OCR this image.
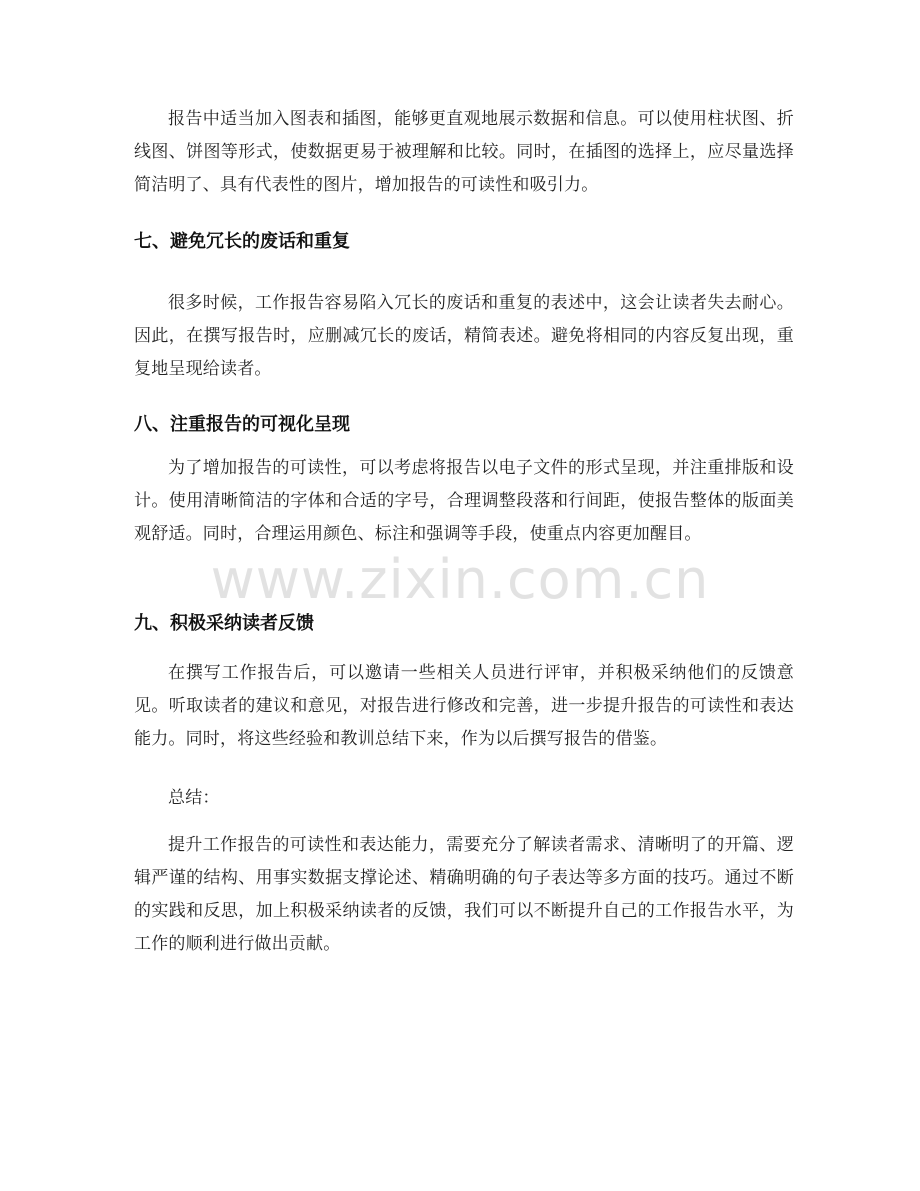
报告中适当加入图表和插图，能够更直观地展示数据和信息。可以使用柱状图、折线图、饼图等形式，使数据更易于被理解和比较。同时，在插图的选择上，应尽量选择简洁明了、具有代表性的图片，增加报告的可读性和吸引力。

七、避免冗长的废话和重复

很多时候，工作报告容易陷入冗长的废话和重复的表述中，这会让读者失去耐心。因此，在撰写报告时，应删减冗长的废话，精简表述。避免将相同的内容反复出现，重复地呈现给读者。

八、注重报告的可视化呈现

为了增加报告的可读性，可以考虑将报告以电子文件的形式呈现，并注重排版和设计。使用清晰简洁的字体和合适的字号，合理调整段落和行间距，使报告整体的版面美观舒适。同时，合理运用颜色、标注和强调等手段，使重点内容更加醒目。

九、积极采纳读者反馈

在撰写工作报告后，可以邀请一些相关人员进行评审，并积极采纳他们的反馈意见。听取读者的建议和意见，对报告进行修改和完善，进一步提升报告的可读性和表达能力。同时，将这些经验和教训总结下来，作为以后撰写报告的借鉴。

总结：

提升工作报告的可读性和表达能力，需要充分了解读者需求、清晰明了的开篇、逻辑严谨的结构、用事实数据支撑论述、精确明确的句子表达等多方面的技巧。通过不断的实践和反思，加上积极采纳读者的反馈，我们可以不断提升自己的工作报告水平，为工作的顺利进行做出贡献。

www.zixin.com.cn
